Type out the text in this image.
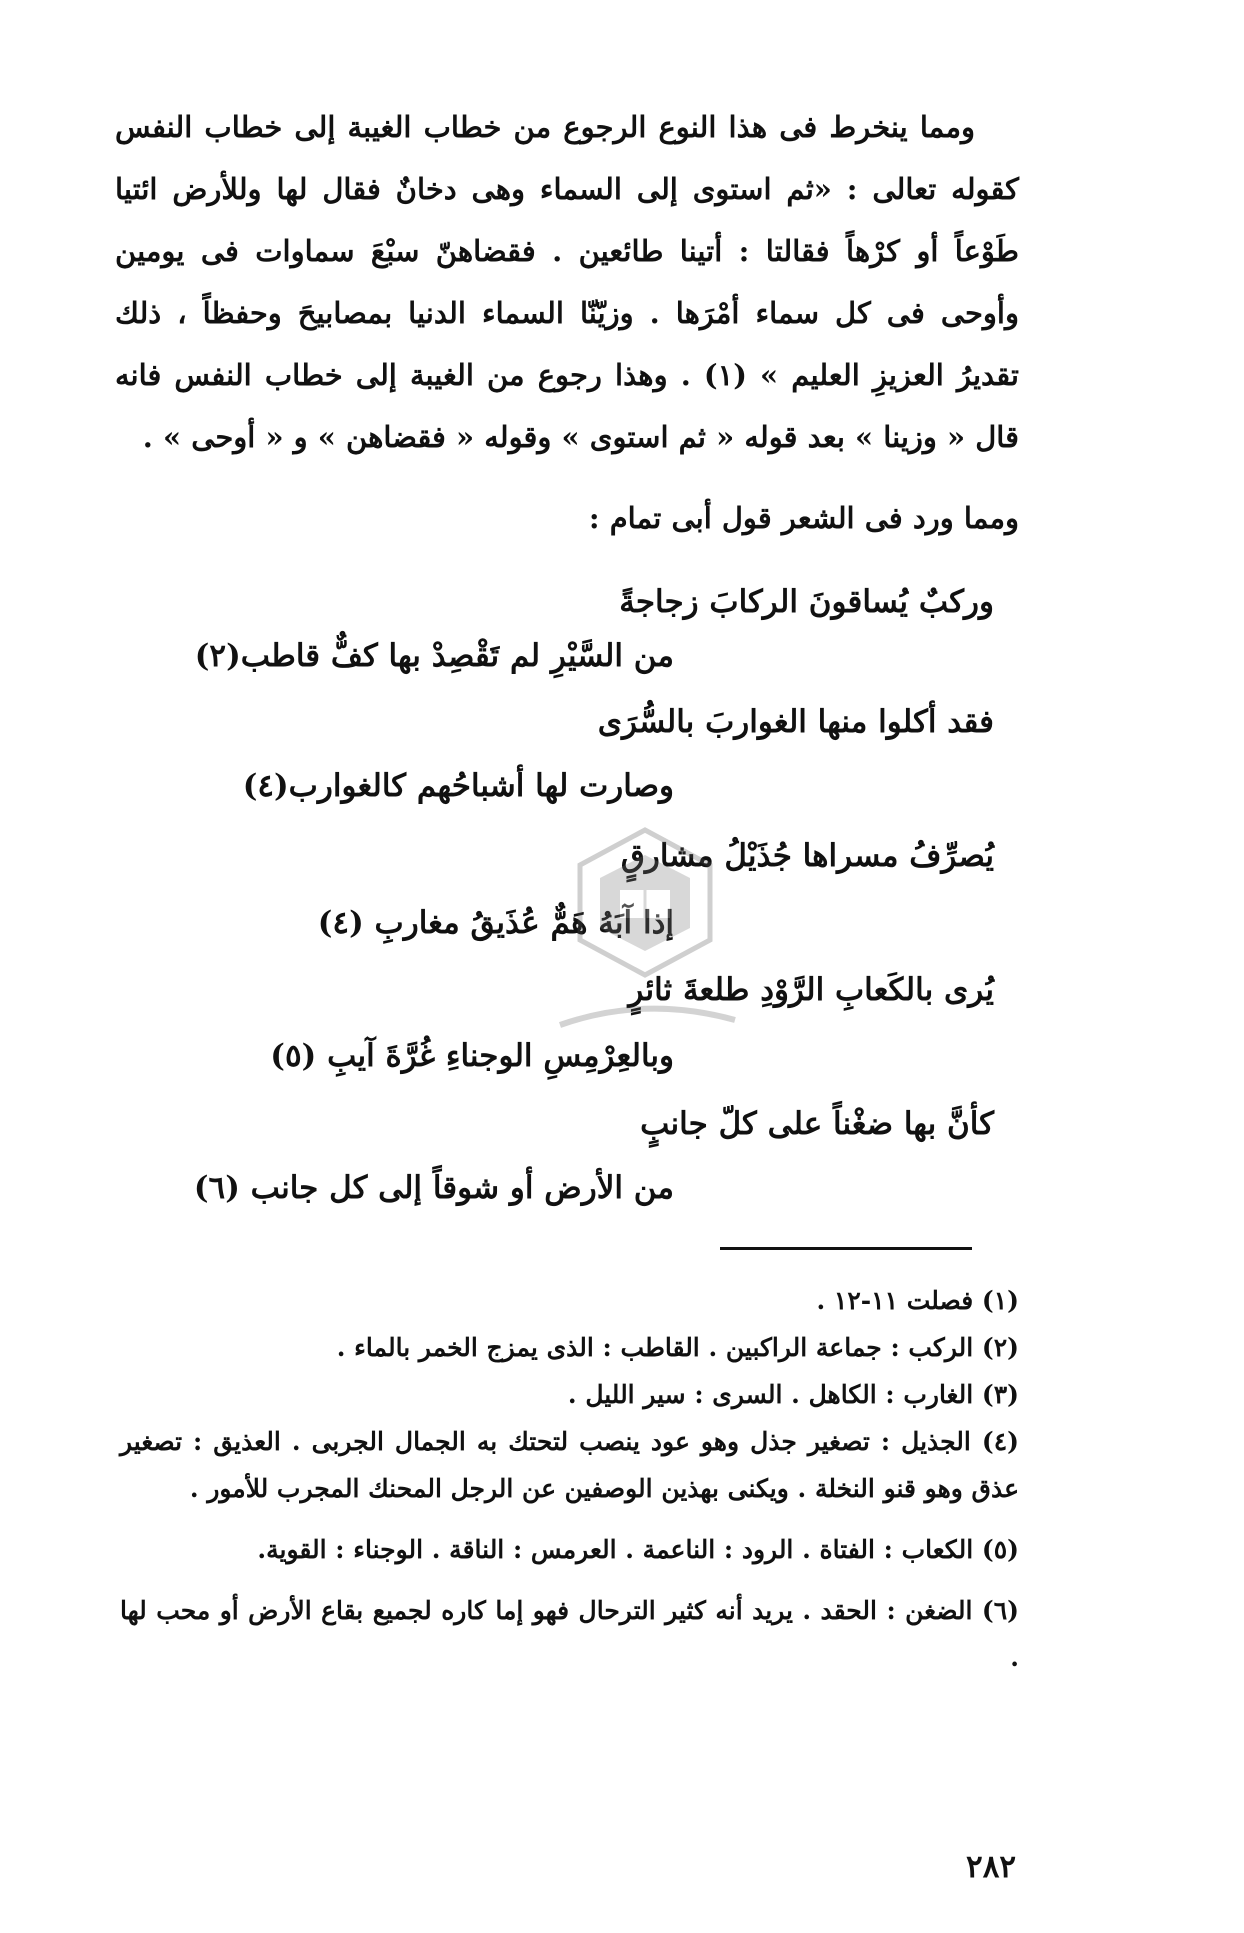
ومما ينخرط فى هذا النوع الرجوع من خطاب الغيبة إلى خطاب النفس كقوله تعالى : «ثم استوى إلى السماء وهى دخانٌ فقال لها وللأرض ائتيا طَوْعاً أو كرْهاً فقالتا : أتينا طائعين . فقضاهنّ سبْعَ سماوات فى يومين وأوحى فى كل سماء أمْرَها . وزيّنّا السماء الدنيا بمصابيحَ وحفظاً ، ذلك تقديرُ العزيزِ العليم » (١) . وهذا رجوع من الغيبة إلى خطاب النفس فانه قال « وزينا » بعد قوله « ثم استوى » وقوله « فقضاهن » و « أوحى » .

ومما ورد فى الشعر قول أبى تمام :
وركبٌ يُساقونَ الركابَ زجاجةً
من السَّيْرِ لم تَقْصِدْ بها كفٌّ قاطب(٢)
فقد أكلوا منها الغواربَ بالسُّرَى
وصارت لها أشباحُهم كالغوارب(٤)
يُصرِّفُ مسراها جُذَيْلُ مشارقٍ
إذا آبَهُ هَمٌّ عُذَيقُ مغاربِ (٤)
يُرى بالكَعابِ الرَّوْدِ طلعةَ ثائرٍ
وبالعِرْمِسِ الوجناءِ غُرَّةَ آيبِ (٥)
كأنَّ بها ضغْناً على كلّ جانبٍ
من الأرض أو شوقاً إلى كل جانب (٦)

(١) فصلت ١١-١٢ .

(٢) الركب : جماعة الراكبين . القاطب : الذى يمزج الخمر بالماء .

(٣) الغارب : الكاهل . السرى : سير الليل .

(٤) الجذيل : تصغير جذل وهو عود ينصب لتحتك به الجمال الجربى . العذيق : تصغير عذق وهو قنو النخلة . ويكنى بهذين الوصفين عن الرجل المحنك المجرب للأمور .

(٥) الكعاب : الفتاة . الرود : الناعمة . العرمس : الناقة . الوجناء : القوية.

(٦) الضغن : الحقد . يريد أنه كثير الترحال فهو إما كاره لجميع بقاع الأرض أو محب لها .

٢٨٢
